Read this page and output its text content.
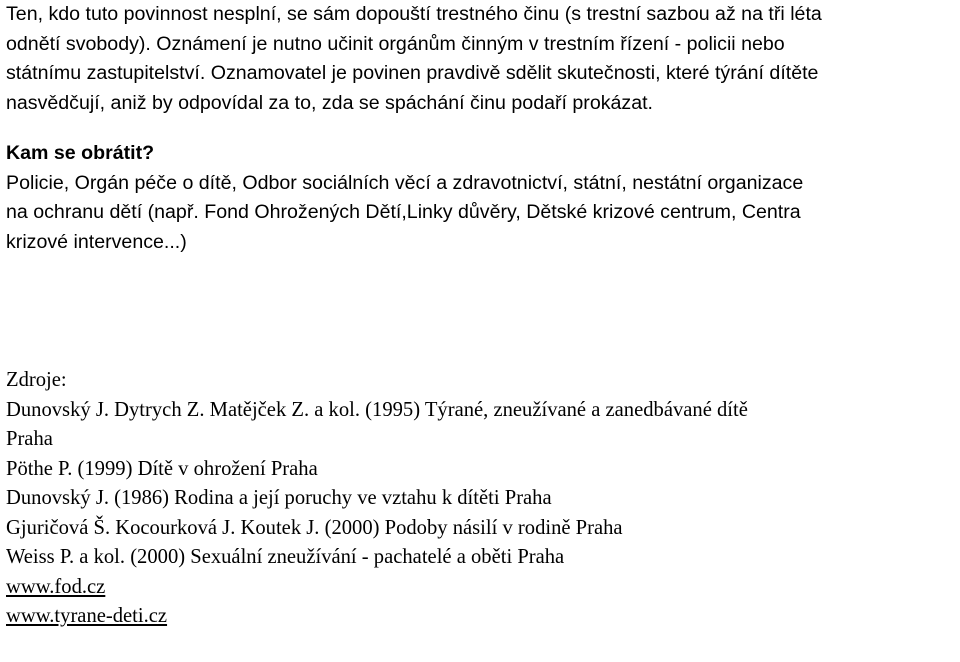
Ten, kdo tuto povinnost nesplní, se sám dopouští trestného činu (s trestní sazbou až na tři léta
odnětí svobody). Oznámení je nutno učinit orgánům činným v trestním řízení - policii nebo
státnímu zastupitelství. Oznamovatel je povinen pravdivě sdělit skutečnosti, které týrání dítěte
nasvědčují, aniž by odpovídal za to, zda se spáchání činu podaří prokázat.
Kam se obrátit?
Policie, Orgán péče o dítě, Odbor sociálních věcí a zdravotnictví, státní, nestátní organizace
na ochranu dětí (např. Fond Ohrožených Dětí,Linky důvěry, Dětské krizové centrum, Centra
krizové intervence...)
Zdroje:
Dunovský J. Dytrych Z. Matějček Z. a kol. (1995) Týrané, zneužívané a zanedbávané dítě
Praha
Pöthe P. (1999) Dítě v ohrožení Praha
Dunovský J. (1986) Rodina a její poruchy ve vztahu k dítěti Praha
Gjuričová Š. Kocourková J. Koutek J. (2000) Podoby násilí v rodině Praha
Weiss P. a kol. (2000) Sexuální zneužívání - pachatelé a oběti Praha
www.fod.cz
www.tyrane-deti.cz
